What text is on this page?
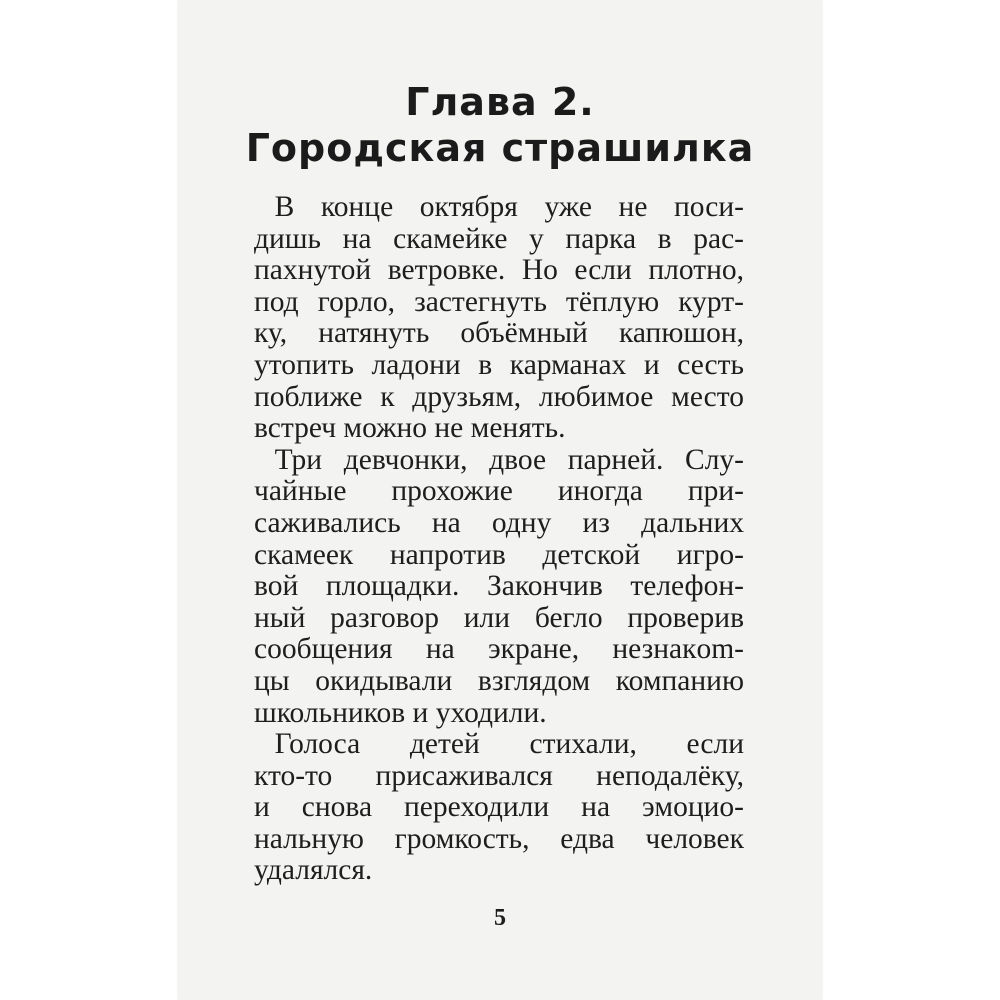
Глава 2.
Городская страшилка
В конце октября уже не поси-
дишь на скамейке у парка в рас-
пахнутой ветровке. Но если плотно,
под горло, застегнуть тёплую курт-
ку, натянуть объёмный капюшон,
утопить ладони в карманах и сесть
поближе к друзьям, любимое место
встреч можно не менять.
Три девчонки, двое парней. Слу-
чайные прохожие иногда при-
саживались на одну из дальних
скамеек напротив детской игро-
вой площадки. Закончив телефон-
ный разговор или бегло проверив
сообщения на экране, незнакom-
цы окидывали взглядом компанию
школьников и уходили.
Голоса детей стихали, если
кто-то присаживался неподалёку,
и снова переходили на эмоцио-
нальную громкость, едва человек
удалялся.
5
